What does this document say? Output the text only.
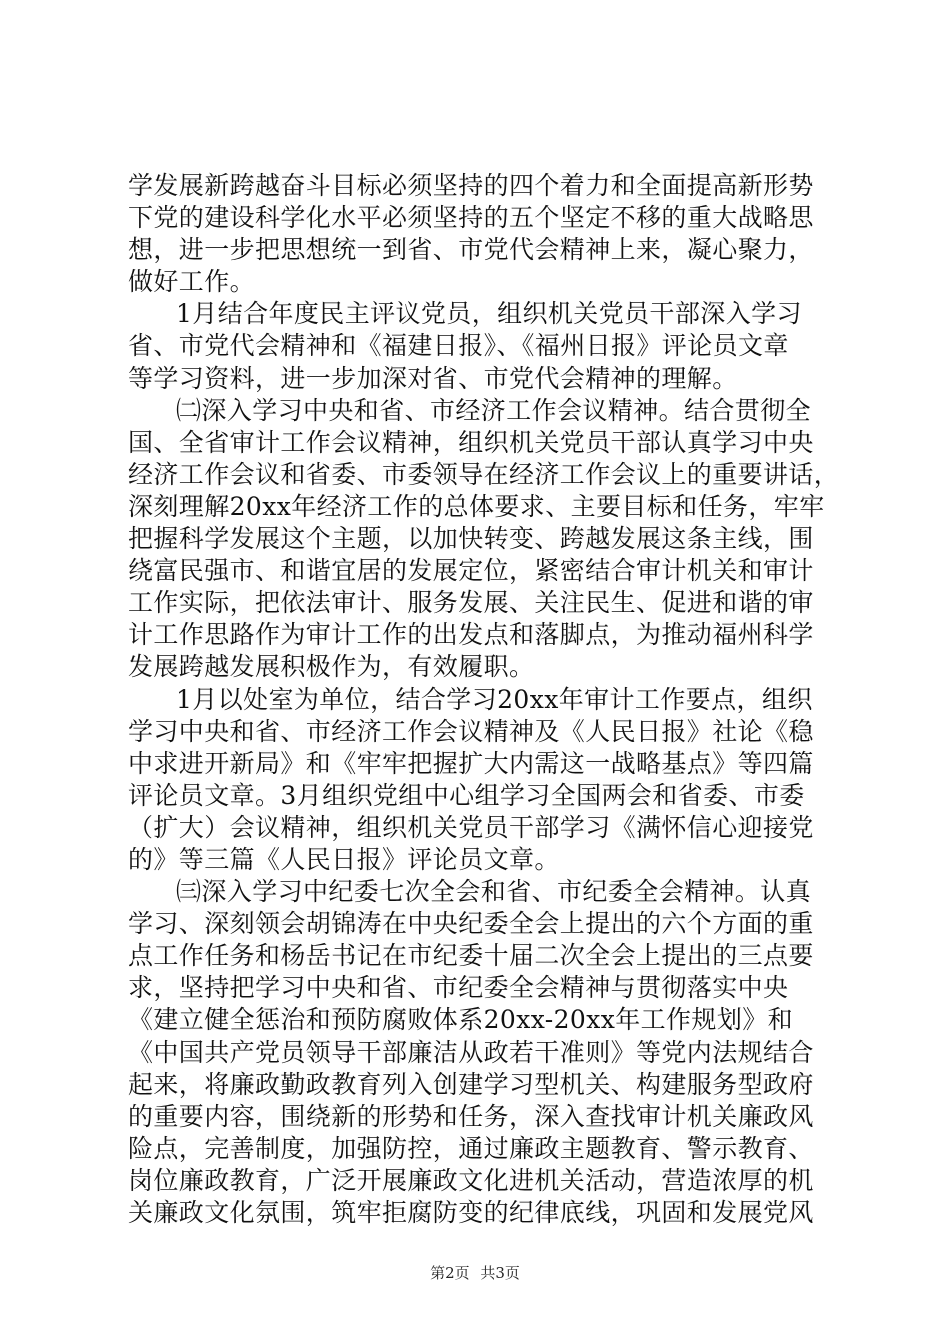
学发展新跨越奋斗目标必须坚持的四个着力和全面提高新形势
下党的建设科学化水平必须坚持的五个坚定不移的重大战略思
想，进一步把思想统一到省、市党代会精神上来，凝心聚力，
做好工作。
1月结合年度民主评议党员，组织机关党员干部深入学习
省、市党代会精神和《福建日报》、《福州日报》评论员文章
等学习资料，进一步加深对省、市党代会精神的理解。
㈡深入学习中央和省、市经济工作会议精神。结合贯彻全
国、全省审计工作会议精神，组织机关党员干部认真学习中央
经济工作会议和省委、市委领导在经济工作会议上的重要讲话，
深刻理解20xx年经济工作的总体要求、主要目标和任务，牢牢
把握科学发展这个主题，以加快转变、跨越发展这条主线，围
绕富民强市、和谐宜居的发展定位，紧密结合审计机关和审计
工作实际，把依法审计、服务发展、关注民生、促进和谐的审
计工作思路作为审计工作的出发点和落脚点，为推动福州科学
发展跨越发展积极作为，有效履职。
1月以处室为单位，结合学习20xx年审计工作要点，组织
学习中央和省、市经济工作会议精神及《人民日报》社论《稳
中求进开新局》和《牢牢把握扩大内需这一战略基点》等四篇
评论员文章。3月组织党组中心组学习全国两会和省委、市委
（扩大）会议精神，组织机关党员干部学习《满怀信心迎接党
的》等三篇《人民日报》评论员文章。
㈢深入学习中纪委七次全会和省、市纪委全会精神。认真
学习、深刻领会胡锦涛在中央纪委全会上提出的六个方面的重
点工作任务和杨岳书记在市纪委十届二次全会上提出的三点要
求，坚持把学习中央和省、市纪委全会精神与贯彻落实中央
《建立健全惩治和预防腐败体系20xx-20xx年工作规划》和
《中国共产党员领导干部廉洁从政若干准则》等党内法规结合
起来，将廉政勤政教育列入创建学习型机关、构建服务型政府
的重要内容，围绕新的形势和任务，深入查找审计机关廉政风
险点，完善制度，加强防控，通过廉政主题教育、警示教育、
岗位廉政教育，广泛开展廉政文化进机关活动，营造浓厚的机
关廉政文化氛围，筑牢拒腐防变的纪律底线，巩固和发展党风
第2页 共3页
